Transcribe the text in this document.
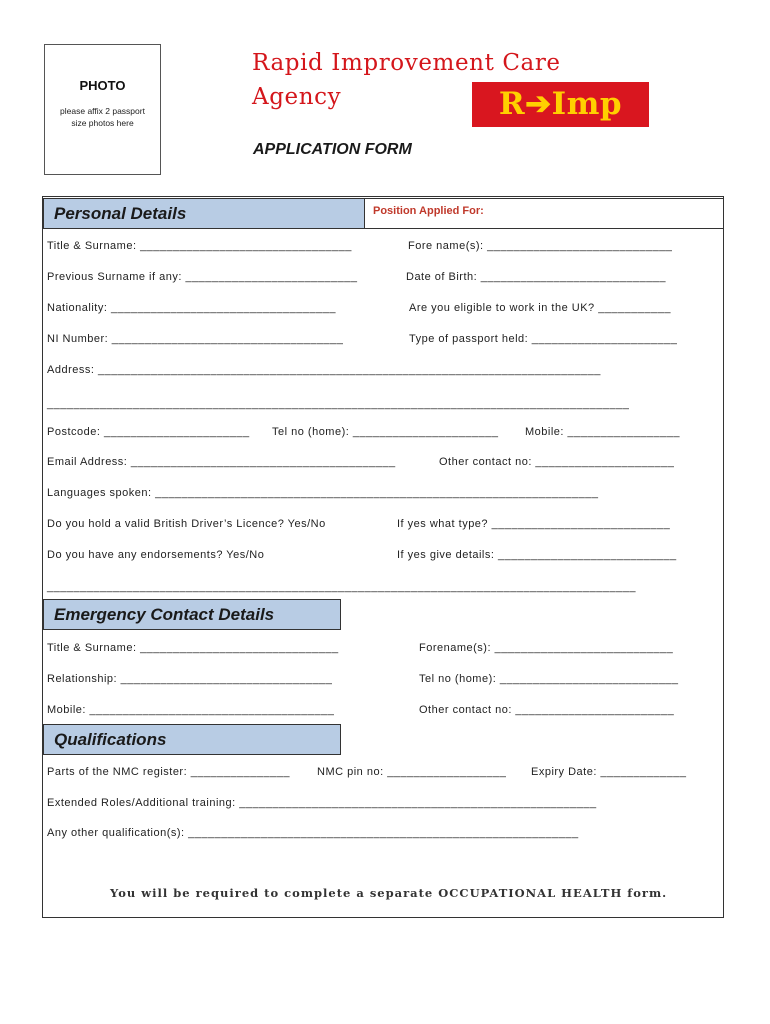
PHOTO
please affix 2 passport
size photos here
Rapid Improvement Care
Agency	R➔Imp
APPLICATION FORM
Personal Details	Position Applied For:
Title & Surname: ________________________________	Fore name(s): ____________________________
Previous Surname if any: __________________________	Date of Birth: ____________________________
Nationality: __________________________________	Are you eligible to work in the UK? ___________
NI Number: ___________________________________	Type of passport held: ______________________
Address: ____________________________________________________________________________
________________________________________________________________________________________
Postcode: ______________________ Tel no (home): ______________________ Mobile: _________________
Email Address: ________________________________________	Other contact no: _____________________
Languages spoken: ___________________________________________________________________
Do you hold a valid British Driver’s Licence? Yes/No	If yes what type? ___________________________
Do you have any endorsements? Yes/No	If yes give details: ___________________________
_________________________________________________________________________________________
Emergency Contact Details
Title & Surname: ______________________________	Forename(s): ___________________________
Relationship: ________________________________	Tel no (home): ___________________________
Mobile: _____________________________________	Other contact no: ________________________
Qualifications
Parts of the NMC register: _______________ NMC pin no: __________________ Expiry Date: _____________
Extended Roles/Additional training: ______________________________________________________
Any other qualification(s): ___________________________________________________________
You will be required to complete a separate OCCUPATIONAL HEALTH form.
